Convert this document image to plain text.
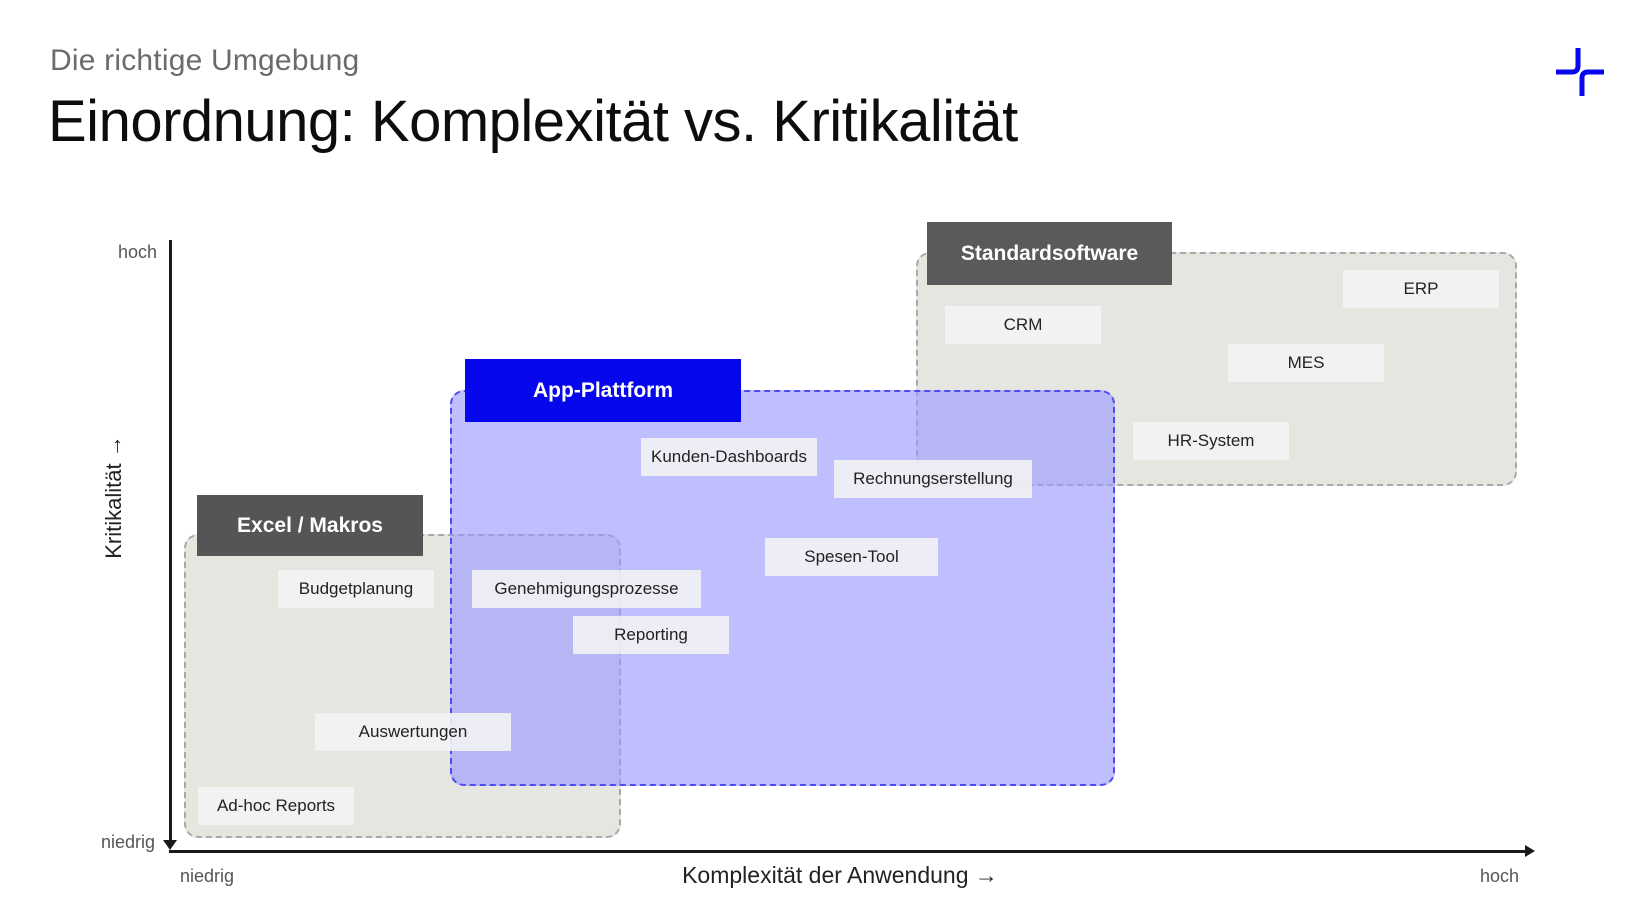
Die richtige Umgebung
Einordnung: Komplexität vs. Kritikalität
hoch
niedrig
niedrig	hoch
Kritikalität →
Komplexität der Anwendung →
Excel / Makros
App-Plattform
Standardsoftware
Budgetplanung
Auswertungen
Ad-hoc Reports
Kunden-Dashboards
Rechnungserstellung
Spesen-Tool
Genehmigungsprozesse
Reporting
CRM
ERP
MES
HR-System
